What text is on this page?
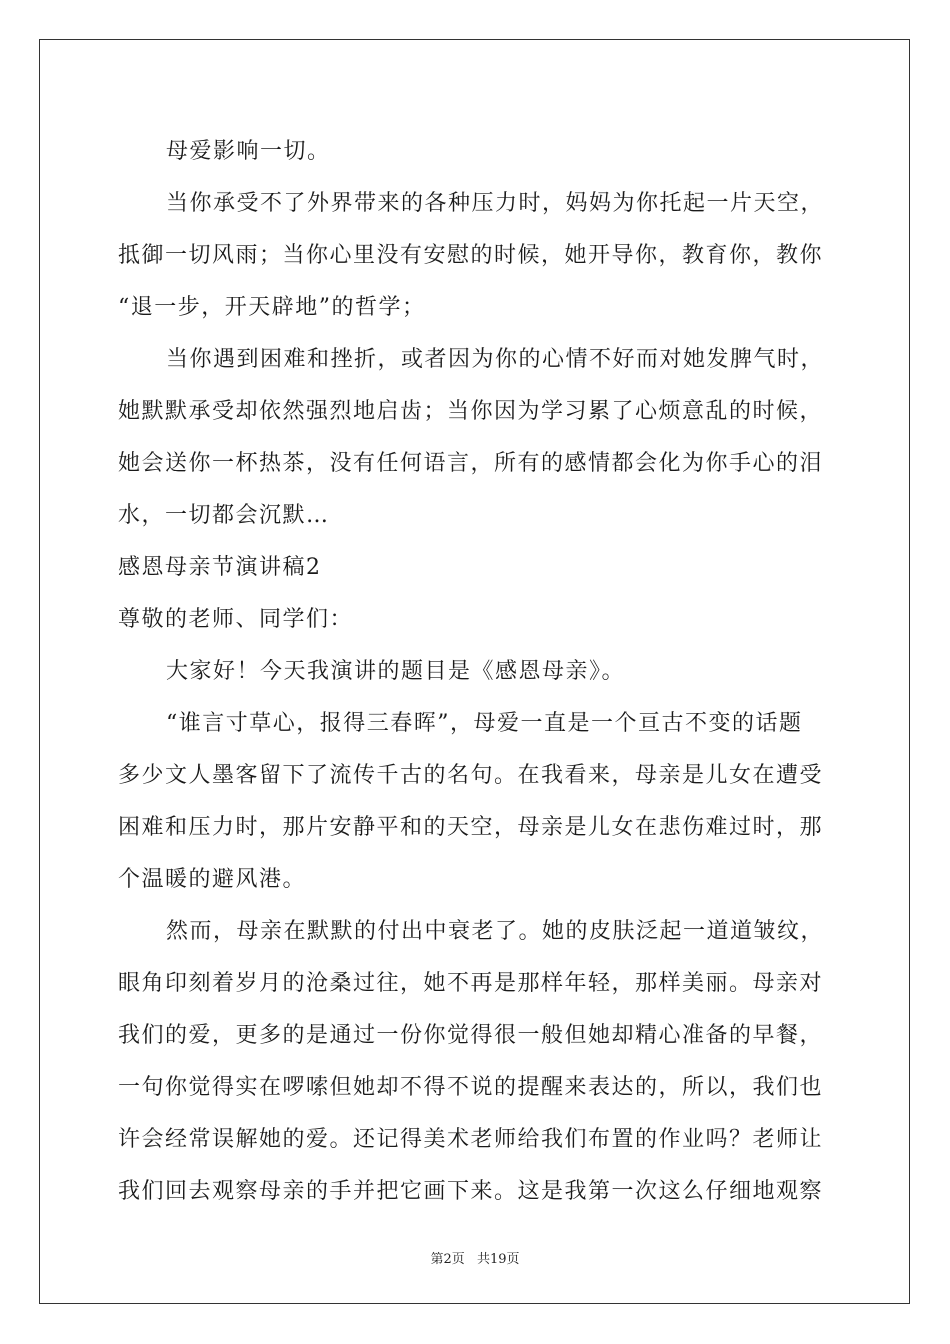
母爱影响一切。
当你承受不了外界带来的各种压力时，妈妈为你托起一片天空，
抵御一切风雨；当你心里没有安慰的时候，她开导你，教育你，教你
“退一步，开天辟地”的哲学；
当你遇到困难和挫折，或者因为你的心情不好而对她发脾气时，
她默默承受却依然强烈地启齿；当你因为学习累了心烦意乱的时候，
她会送你一杯热茶，没有任何语言，所有的感情都会化为你手心的泪
水，一切都会沉默…
感恩母亲节演讲稿2
尊敬的老师、同学们：
大家好！今天我演讲的题目是《感恩母亲》。
“谁言寸草心，报得三春晖”，母爱一直是一个亘古不变的话题
多少文人墨客留下了流传千古的名句。在我看来，母亲是儿女在遭受
困难和压力时，那片安静平和的天空，母亲是儿女在悲伤难过时，那
个温暖的避风港。
然而，母亲在默默的付出中衰老了。她的皮肤泛起一道道皱纹，
眼角印刻着岁月的沧桑过往，她不再是那样年轻，那样美丽。母亲对
我们的爱，更多的是通过一份你觉得很一般但她却精心准备的早餐，
一句你觉得实在啰嗦但她却不得不说的提醒来表达的，所以，我们也
许会经常误解她的爱。还记得美术老师给我们布置的作业吗？老师让
我们回去观察母亲的手并把它画下来。这是我第一次这么仔细地观察
第2页 共19页
